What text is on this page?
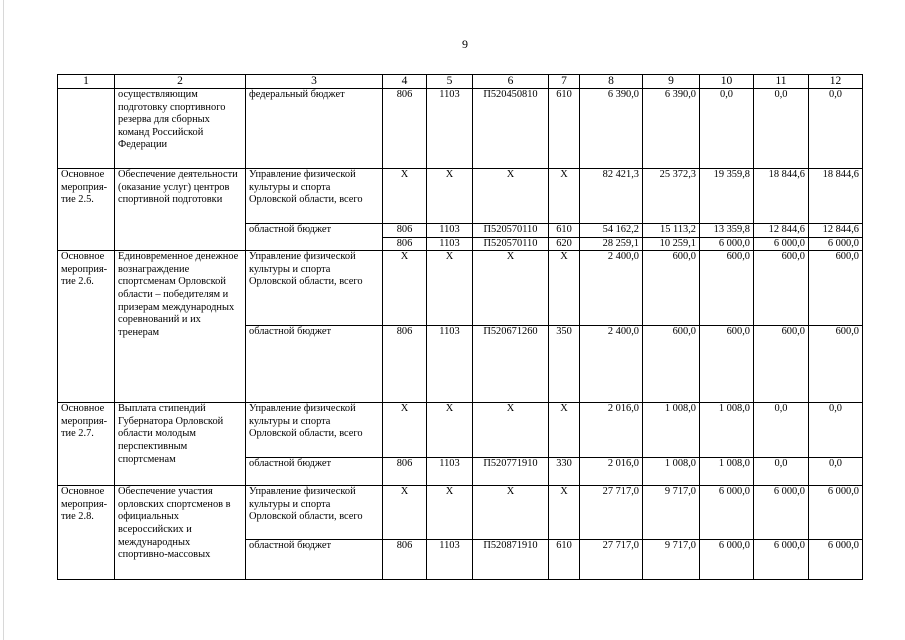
9
1	2	3	4	5	6	7	8	9	10	11	12
	осуществляющим подготовку спортивного резерва для сборных команд Российской Федерации	федеральный бюджет	806	1103	П520450810	610	6 390,0	6 390,0	0,0	0,0	0,0
Основное мероприя-тие 2.5.	Обеспечение деятельности (оказание услуг) центров спортивной подготовки	Управление физической культуры и спорта Орловской области, всего	Х	Х	Х	Х	82 421,3	25 372,3	19 359,8	18 844,6	18 844,6
		областной бюджет	806	1103	П520570110	610	54 162,2	15 113,2	13 359,8	12 844,6	12 844,6
			806	1103	П520570110	620	28 259,1	10 259,1	6 000,0	6 000,0	6 000,0
Основное мероприя-тие 2.6.	Единовременное денежное вознаграждение спортсменам Орловской области – победителям и призерам международных соревнований и их тренерам	Управление физической культуры и спорта Орловской области, всего	Х	Х	Х	Х	2 400,0	600,0	600,0	600,0	600,0
		областной бюджет	806	1103	П520671260	350	2 400,0	600,0	600,0	600,0	600,0
Основное мероприя-тие 2.7.	Выплата стипендий Губернатора Орловской области молодым перспективным спортсменам	Управление физической культуры и спорта Орловской области, всего	Х	Х	Х	Х	2 016,0	1 008,0	1 008,0	0,0	0,0
		областной бюджет	806	1103	П520771910	330	2 016,0	1 008,0	1 008,0	0,0	0,0
Основное мероприя-тие 2.8.	Обеспечение участия орловских спортсменов в официальных всероссийских и международных спортивно-массовых	Управление физической культуры и спорта Орловской области, всего	Х	Х	Х	Х	27 717,0	9 717,0	6 000,0	6 000,0	6 000,0
		областной бюджет	806	1103	П520871910	610	27 717,0	9 717,0	6 000,0	6 000,0	6 000,0
